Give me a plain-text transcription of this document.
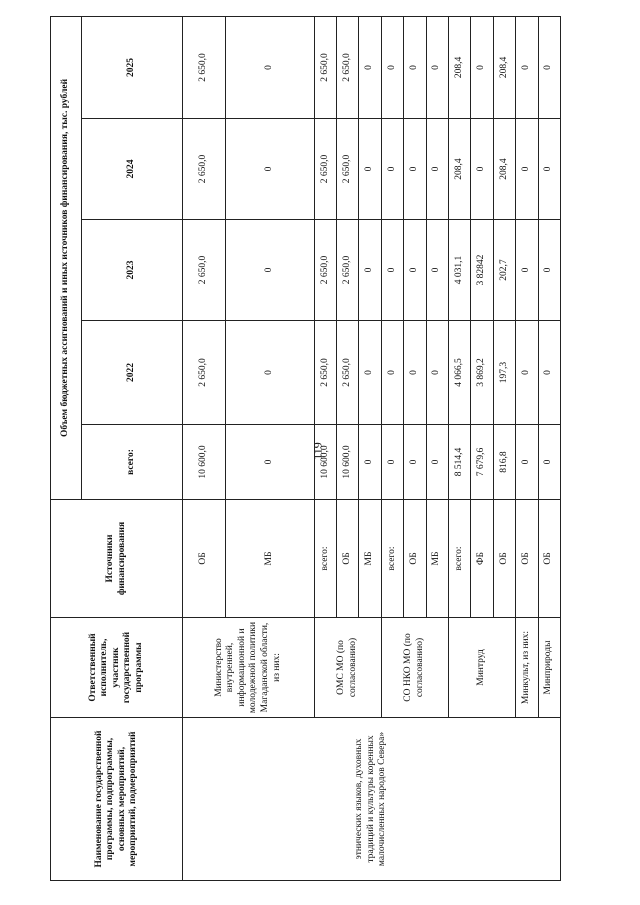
119
Наименование государственной программы, подпрограммы, основных мероприятий, мероприятий, подмероприятий	Ответственный исполнитель, участник государственной программы	Источники финансирования	Объем бюджетных ассигнований и иных источников финансирования, тыс. рублей				
			всего:	2022	2023	2024	2025
этнических языков, духовных традиций и культуры коренных малочисленных народов Севера»	Министерство внутренней, информационной и молодежной политики Магаданской области, из них:	ОБ	10 600,0	2 650,0	2 650,0	2 650,0	2 650,0
		МБ	0	0	0	0	0
	ОМС МО (по согласованию)	всего:	10 600,0	2 650,0	2 650,0	2 650,0	2 650,0
		ОБ	10 600,0	2 650,0	2 650,0	2 650,0	2 650,0
		МБ	0	0	0	0	0
	СО НКО МО (по согласованию)	всего:	0	0	0	0	0
		ОБ	0	0	0	0	0
		МБ	0	0	0	0	0
	Минтруд	всего:	8 514,4	4 066,5	4 031,1	208,4	208,4
		ФБ	7 679,6	3 869,2	3 82842	0	0
		ОБ	816,8	197,3	202,7	208,4	208,4
	Минкульт, из них:	ОБ	0	0	0	0	0
	Минприроды	ОБ	0	0	0	0	0
